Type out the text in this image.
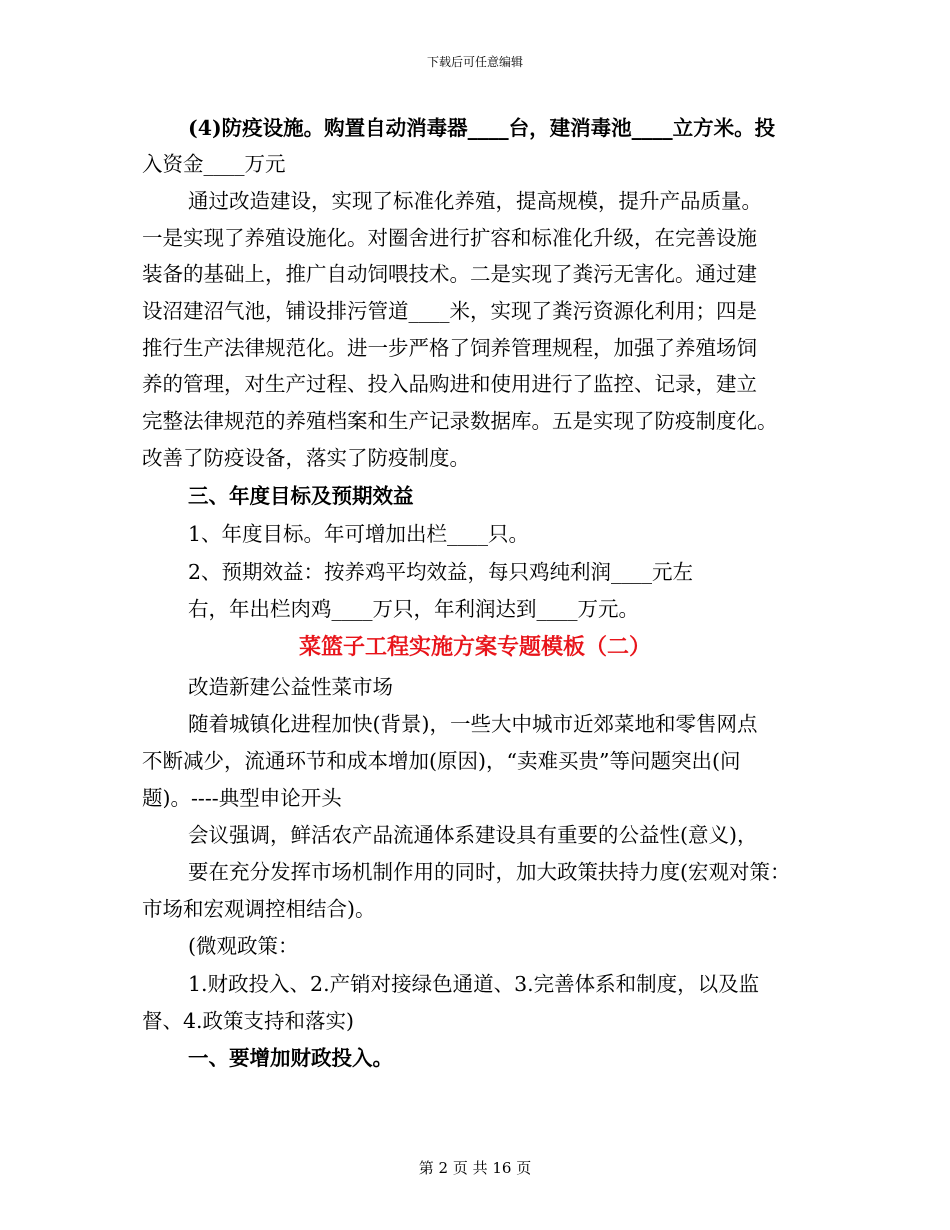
下载后可任意编辑
(4)防疫设施。购置自动消毒器____台，建消毒池____立方米。投
入资金____万元
通过改造建设，实现了标准化养殖，提高规模，提升产品质量。
一是实现了养殖设施化。对圈舍进行扩容和标准化升级，在完善设施
装备的基础上，推广自动饲喂技术。二是实现了粪污无害化。通过建
设沼建沼气池，铺设排污管道____米，实现了粪污资源化利用；四是
推行生产法律规范化。进一步严格了饲养管理规程，加强了养殖场饲
养的管理，对生产过程、投入品购进和使用进行了监控、记录，建立
完整法律规范的养殖档案和生产记录数据库。五是实现了防疫制度化。
改善了防疫设备，落实了防疫制度。
三、年度目标及预期效益
1、年度目标。年可增加出栏____只。
2、预期效益：按养鸡平均效益，每只鸡纯利润____元左
右，年出栏肉鸡____万只，年利润达到____万元。
菜篮子工程实施方案专题模板（二）
改造新建公益性菜市场
随着城镇化进程加快(背景)，一些大中城市近郊菜地和零售网点
不断减少，流通环节和成本增加(原因)，“卖难买贵”等问题突出(问
题)。----典型申论开头
会议强调，鲜活农产品流通体系建设具有重要的公益性(意义)，
要在充分发挥市场机制作用的同时，加大政策扶持力度(宏观对策：
市场和宏观调控相结合)。
(微观政策：
1.财政投入、2.产销对接绿色通道、3.完善体系和制度，以及监
督、4.政策支持和落实)
一、要增加财政投入。
第 2 页 共 16 页
